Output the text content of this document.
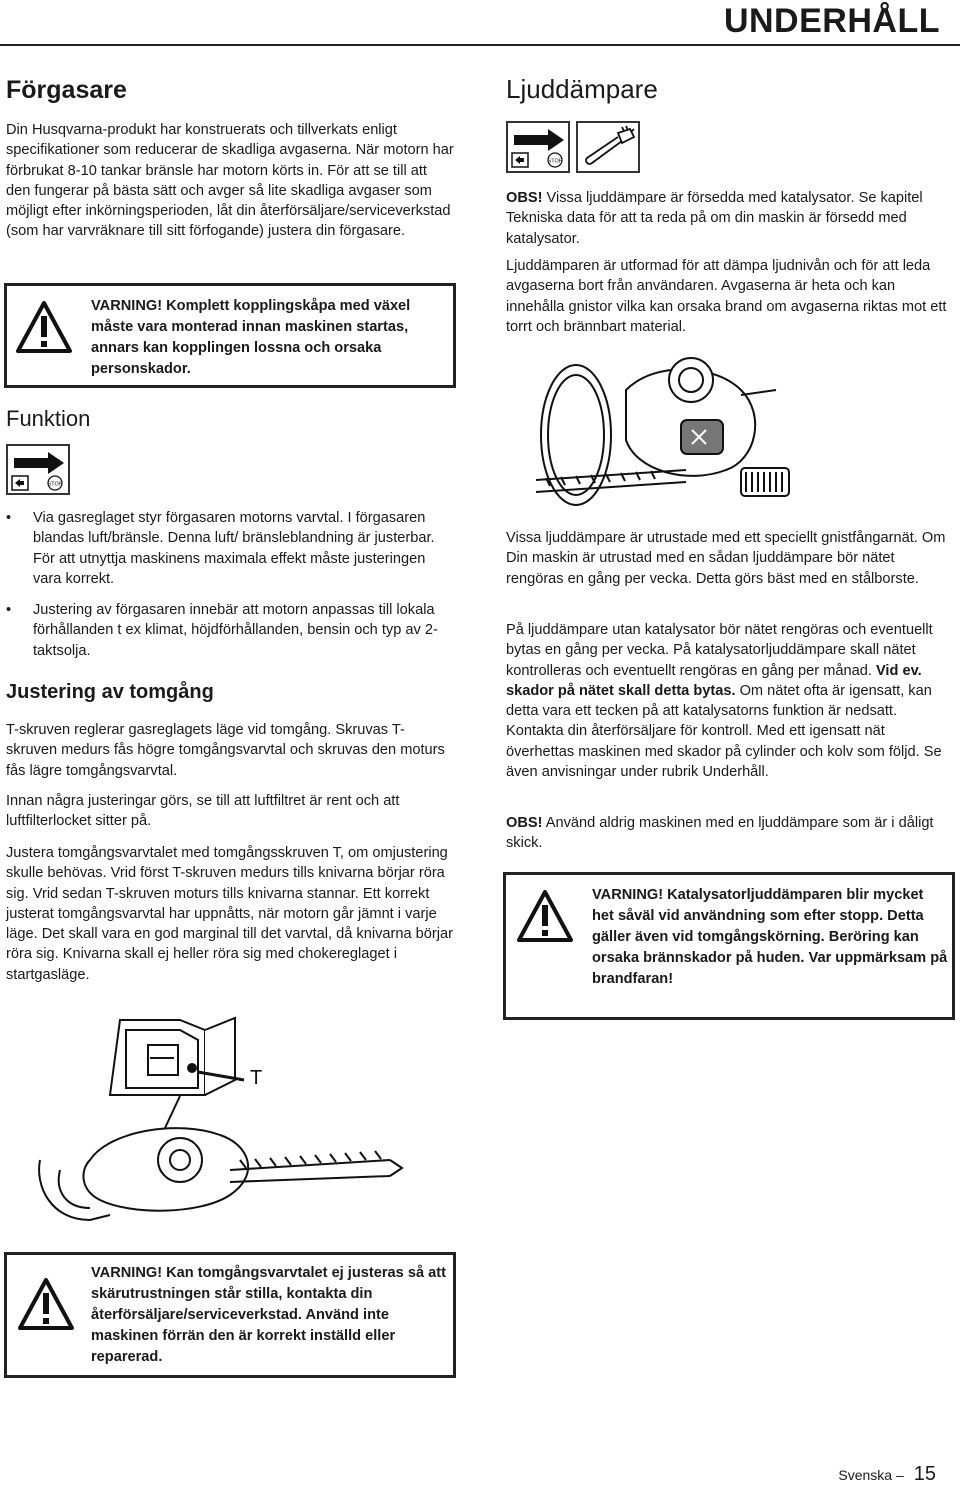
UNDERHÅLL
Förgasare

Din Husqvarna-produkt har konstruerats och tillverkats enligt specifikationer som reducerar de skadliga avgaserna. När motorn har förbrukat 8-10 tankar bränsle har motorn körts in. För att se till att den fungerar på bästa sätt och avger så lite skadliga avgaser som möjligt efter inkörningsperioden, låt din återförsäljare/serviceverkstad (som har varvräknare till sitt förfogande) justera din förgasare.

VARNING! Komplett kopplingskåpa med växel måste vara monterad innan maskinen startas, annars kan kopplingen lossna och orsaka personskador.
Funktion
STOP
• Via gasreglaget styr förgasaren motorns varvtal. I förgasaren blandas luft/bränsle. Denna luft/ bränsleblandning är justerbar. För att utnyttja maskinens maximala effekt måste justeringen vara korrekt.
• Justering av förgasaren innebär att motorn anpassas till lokala förhållanden t ex klimat, höjdförhållanden, bensin och typ av 2-taktsolja.
Justering av tomgång

T-skruven reglerar gasreglagets läge vid tomgång. Skruvas T-skruven medurs fås högre tomgångsvarvtal och skruvas den moturs fås lägre tomgångsvarvtal.

Innan några justeringar görs, se till att luftfiltret är rent och att luftfilterlocket sitter på.

Justera tomgångsvarvtalet med tomgångsskruven T, om omjustering skulle behövas. Vrid först T-skruven medurs tills knivarna börjar röra sig. Vrid sedan T-skruven moturs tills knivarna stannar. Ett korrekt justerat tomgångsvarvtal har uppnåtts, när motorn går jämnt i varje läge. Det skall vara en god marginal till det varvtal, då knivarna börjar röra sig. Knivarna skall ej heller röra sig med chokereglaget i startgasläge.

T
VARNING! Kan tomgångsvarvtalet ej justeras så att skärutrustningen står stilla, kontakta din återförsäljare/serviceverkstad. Använd inte maskinen förrän den är korrekt inställd eller reparerad.
Ljuddämpare
STOP

OBS! Vissa ljuddämpare är försedda med katalysator. Se kapitel Tekniska data för att ta reda på om din maskin är försedd med katalysator.

Ljuddämparen är utformad för att dämpa ljudnivån och för att leda avgaserna bort från användaren. Avgaserna är heta och kan innehålla gnistor vilka kan orsaka brand om avgaserna riktas mot ett torrt och brännbart material.

Vissa ljuddämpare är utrustade med ett speciellt gnistfångarnät. Om Din maskin är utrustad med en sådan ljuddämpare bör nätet rengöras en gång per vecka. Detta görs bäst med en stålborste.

På ljuddämpare utan katalysator bör nätet rengöras och eventuellt bytas en gång per vecka. På katalysatorljuddämpare skall nätet kontrolleras och eventuellt rengöras en gång per månad. Vid ev. skador på nätet skall detta bytas. Om nätet ofta är igensatt, kan detta vara ett tecken på att katalysatorns funktion är nedsatt. Kontakta din återförsäljare för kontroll. Med ett igensatt nät överhettas maskinen med skador på cylinder och kolv som följd. Se även anvisningar under rubrik Underhåll.

OBS! Använd aldrig maskinen med en ljuddämpare som är i dåligt skick.

VARNING! Katalysatorljuddämparen blir mycket het såväl vid användning som efter stopp. Detta gäller även vid tomgångskörning. Beröring kan orsaka brännskador på huden. Var uppmärksam på brandfaran!
Svenska – 15
